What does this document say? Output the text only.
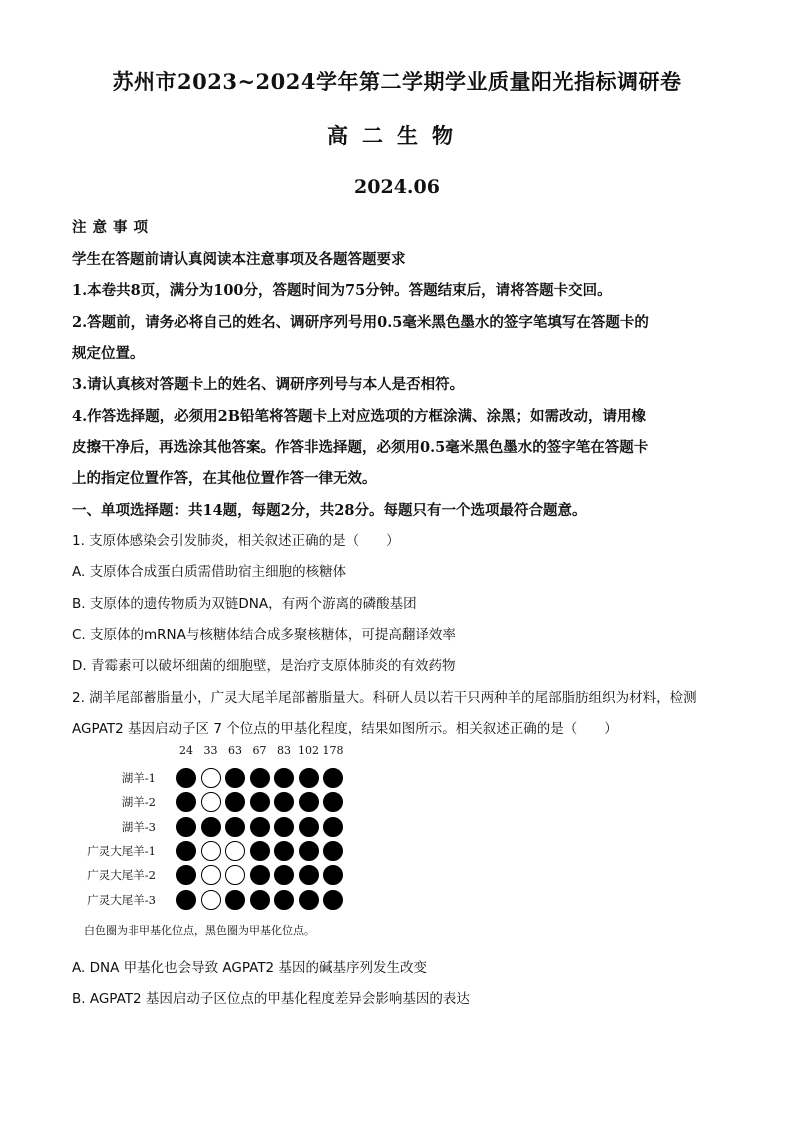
苏州市2023~2024学年第二学期学业质量阳光指标调研卷
高二生物
2024.06
注意事项
学生在答题前请认真阅读本注意事项及各题答题要求
1.本卷共8页，满分为100分，答题时间为75分钟。答题结束后，请将答题卡交回。
2.答题前，请务必将自己的姓名、调研序列号用0.5毫米黑色墨水的签字笔填写在答题卡的
规定位置。
3.请认真核对答题卡上的姓名、调研序列号与本人是否相符。
4.作答选择题，必须用2B铅笔将答题卡上对应选项的方框涂满、涂黑；如需改动，请用橡
皮擦干净后，再选涂其他答案。作答非选择题，必须用0.5毫米黑色墨水的签字笔在答题卡
上的指定位置作答，在其他位置作答一律无效。
一、单项选择题：共14题，每题2分，共28分。每题只有一个选项最符合题意。
1. 支原体感染会引发肺炎，相关叙述正确的是（　　）
A. 支原体合成蛋白质需借助宿主细胞的核糖体
B. 支原体的遗传物质为双链DNA，有两个游离的磷酸基团
C. 支原体的mRNA与核糖体结合成多聚核糖体，可提高翻译效率
D. 青霉素可以破坏细菌的细胞壁，是治疗支原体肺炎的有效药物
2. 湖羊尾部蓄脂量小，广灵大尾羊尾部蓄脂量大。科研人员以若干只两种羊的尾部脂肪组织为材料，检测
AGPAT2 基因启动子区 7 个位点的甲基化程度，结果如图所示。相关叙述正确的是（　　）
白色圈为非甲基化位点，黑色圈为甲基化位点。
24 33 63 67 83 102 178
湖羊-1
湖羊-2
湖羊-3
广灵大尾羊-1
广灵大尾羊-2
广灵大尾羊-3
A. DNA 甲基化也会导致 AGPAT2 基因的碱基序列发生改变
B. AGPAT2 基因启动子区位点的甲基化程度差异会影响基因的表达
